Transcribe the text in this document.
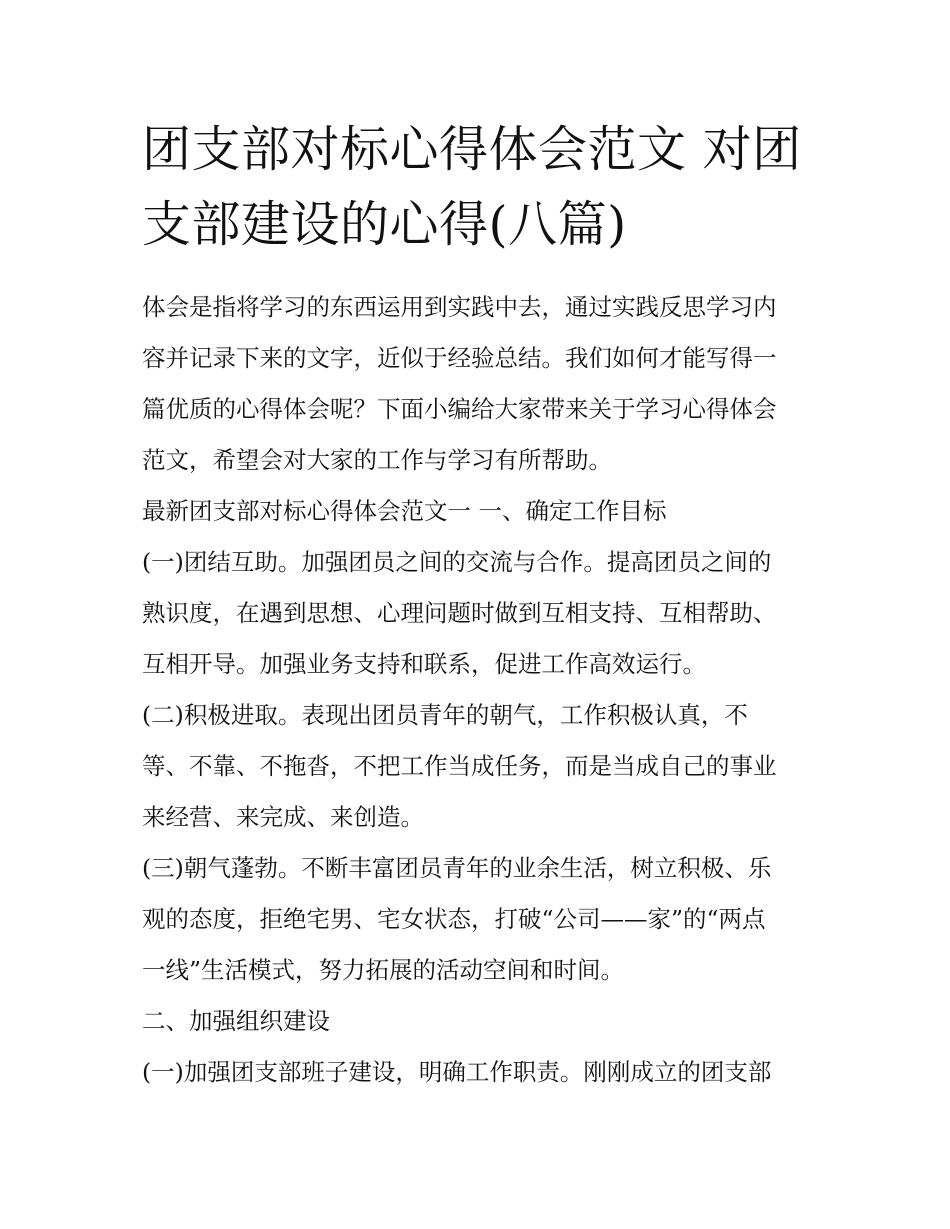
团支部对标心得体会范文 对团
支部建设的心得(八篇)
体会是指将学习的东西运用到实践中去，通过实践反思学习内
容并记录下来的文字，近似于经验总结。我们如何才能写得一
篇优质的心得体会呢？下面小编给大家带来关于学习心得体会
范文，希望会对大家的工作与学习有所帮助。
最新团支部对标心得体会范文一 一、确定工作目标
(一)团结互助。加强团员之间的交流与合作。提高团员之间的
熟识度，在遇到思想、心理问题时做到互相支持、互相帮助、
互相开导。加强业务支持和联系，促进工作高效运行。
(二)积极进取。表现出团员青年的朝气，工作积极认真，不
等、不靠、不拖沓，不把工作当成任务，而是当成自己的事业
来经营、来完成、来创造。
(三)朝气蓬勃。不断丰富团员青年的业余生活，树立积极、乐
观的态度，拒绝宅男、宅女状态，打破“公司——家”的“两点
一线”生活模式，努力拓展的活动空间和时间。
二、加强组织建设
(一)加强团支部班子建设，明确工作职责。刚刚成立的团支部
